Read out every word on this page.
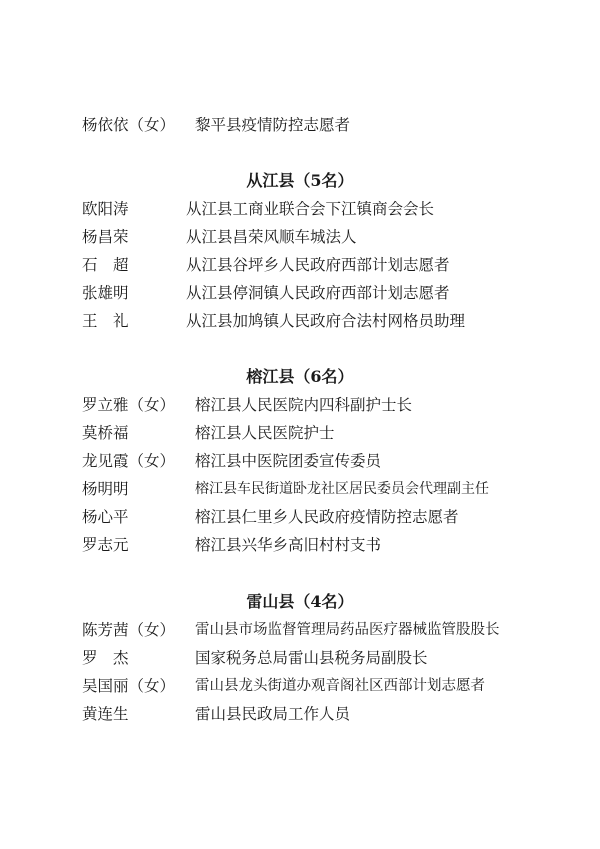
杨依依（女） 黎平县疫情防控志愿者
从江县（5名）
欧阳涛	从江县工商业联合会下江镇商会会长
杨昌荣	从江县昌荣风顺车城法人
石　超	从江县谷坪乡人民政府西部计划志愿者
张雄明	从江县停洞镇人民政府西部计划志愿者
王　礼	从江县加鸠镇人民政府合法村网格员助理
榕江县（6名）
罗立雅（女） 榕江县人民医院内四科副护士长
莫桥福	榕江县人民医院护士
龙见霞（女） 榕江县中医院团委宣传委员
杨明明	榕江县车民街道卧龙社区居民委员会代理副主任
杨心平	榕江县仁里乡人民政府疫情防控志愿者
罗志元	榕江县兴华乡高旧村村支书
雷山县（4名）
陈芳茜（女） 雷山县市场监督管理局药品医疗器械监管股股长
罗　杰	国家税务总局雷山县税务局副股长
吴国丽（女） 雷山县龙头街道办观音阁社区西部计划志愿者
黄连生	雷山县民政局工作人员
